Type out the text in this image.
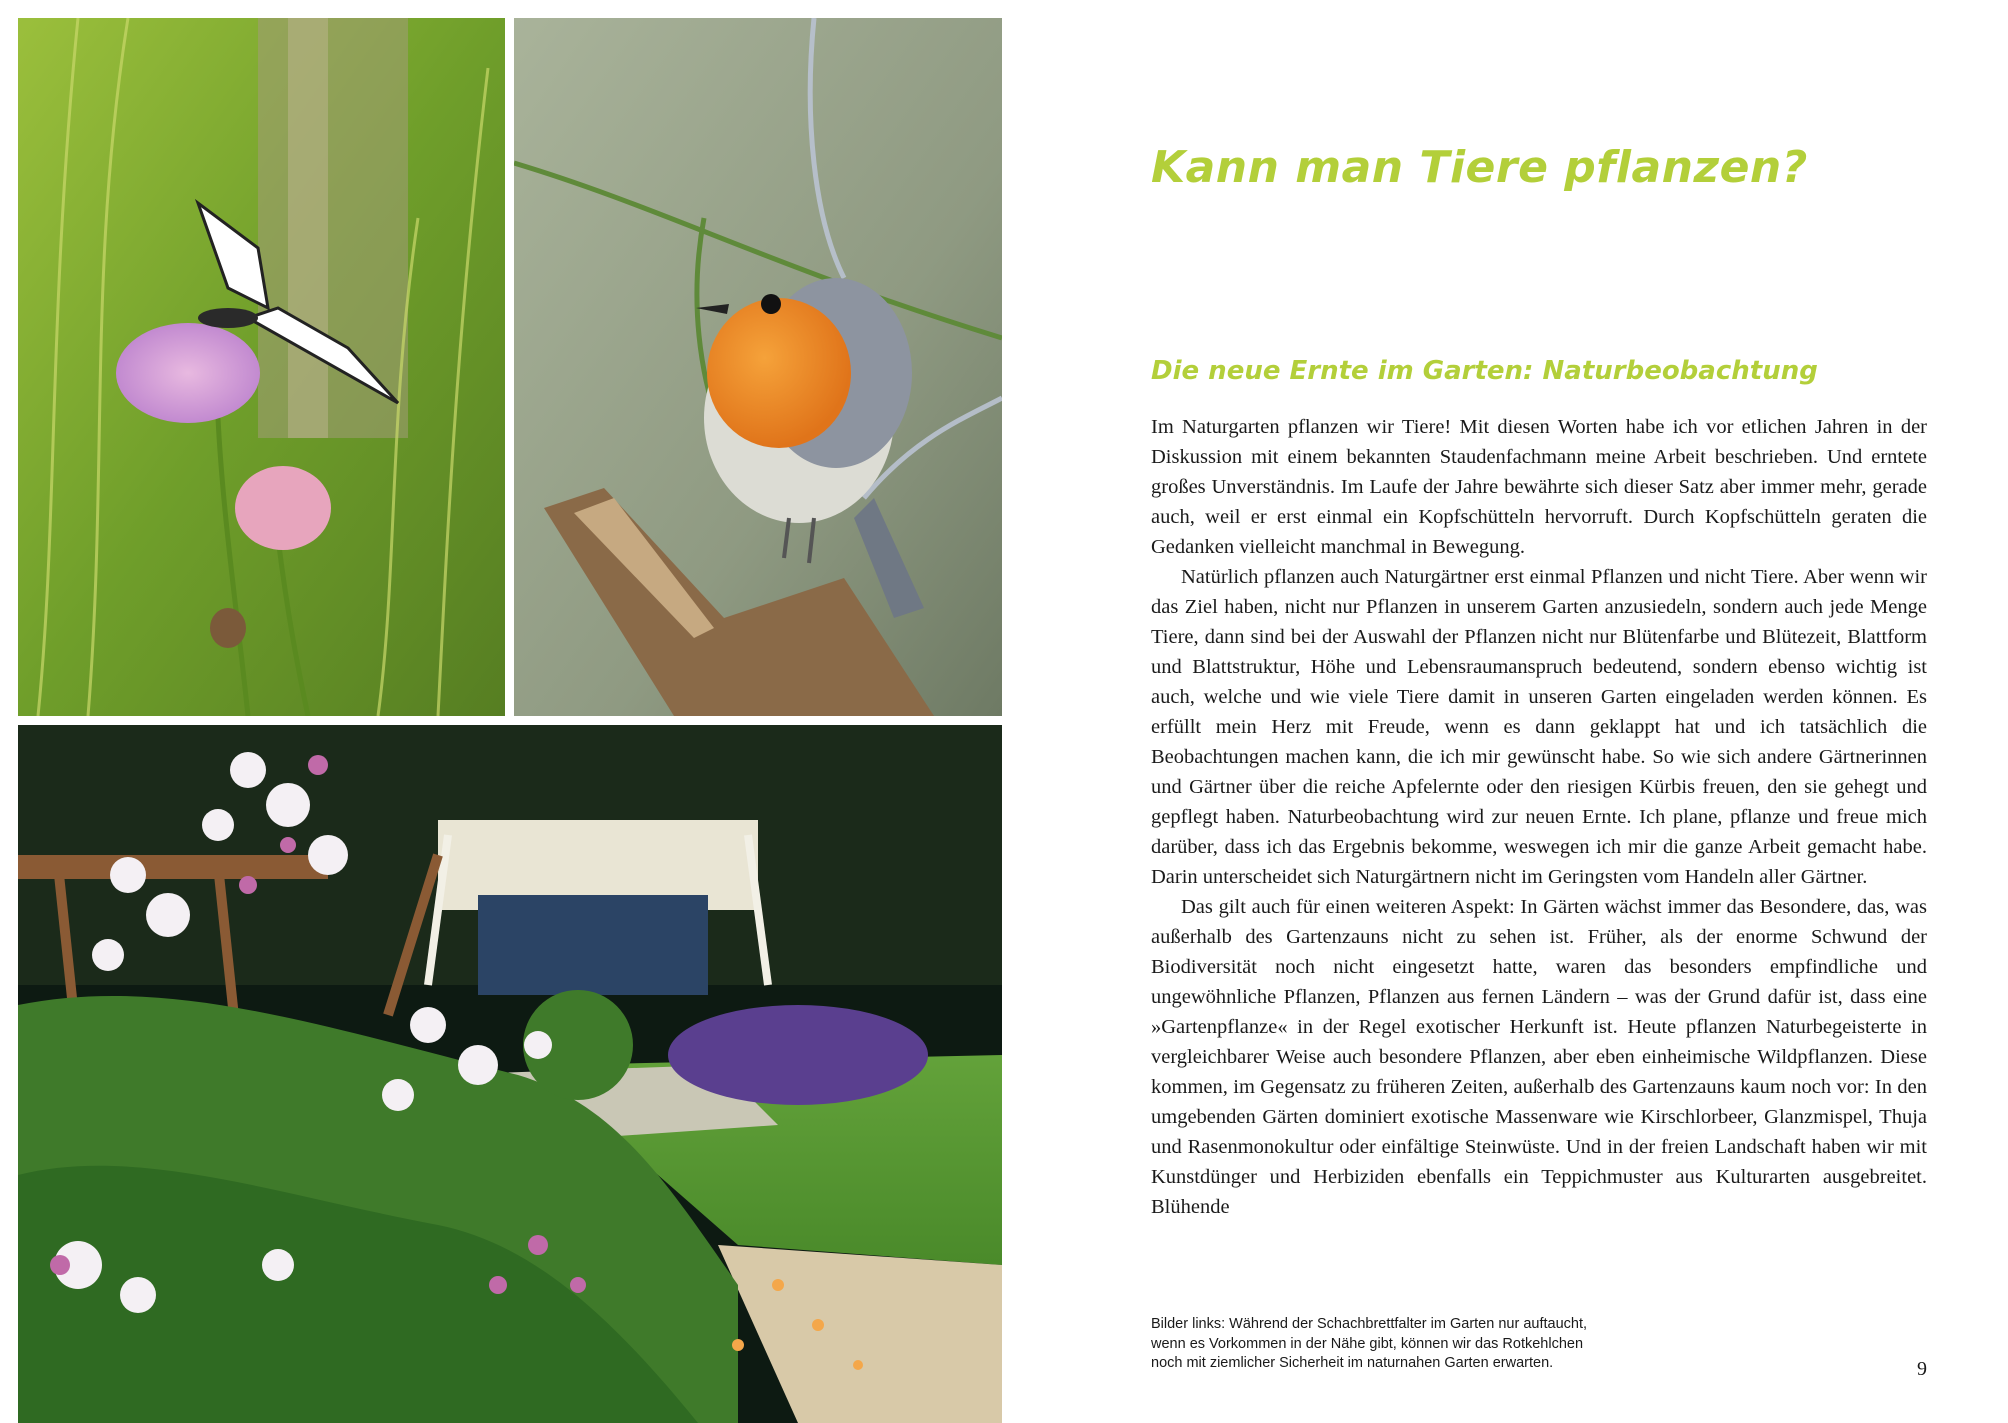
Kann man Tiere pflanzen?
Die neue Ernte im Garten: Naturbeobachtung

Im Naturgarten pflanzen wir Tiere! Mit diesen Worten habe ich vor etlichen Jahren in der Diskussion mit einem bekannten Staudenfachmann meine Arbeit beschrieben. Und erntete großes Unverständnis. Im Laufe der Jahre bewährte sich dieser Satz aber immer mehr, gerade auch, weil er erst einmal ein Kopfschütteln hervorruft. Durch Kopfschütteln geraten die Gedanken vielleicht manchmal in Bewegung.

Natürlich pflanzen auch Naturgärtner erst einmal Pflanzen und nicht Tiere. Aber wenn wir das Ziel haben, nicht nur Pflanzen in unserem Garten anzusiedeln, sondern auch jede Menge Tiere, dann sind bei der Auswahl der Pflanzen nicht nur Blütenfarbe und Blütezeit, Blattform und Blattstruktur, Höhe und Lebensraumanspruch bedeutend, sondern ebenso wichtig ist auch, welche und wie viele Tiere damit in unseren Garten eingeladen werden können. Es erfüllt mein Herz mit Freude, wenn es dann geklappt hat und ich tatsächlich die Beobachtungen machen kann, die ich mir gewünscht habe. So wie sich andere Gärtnerinnen und Gärtner über die reiche Apfelernte oder den riesigen Kürbis freuen, den sie gehegt und gepflegt haben. Naturbeobachtung wird zur neuen Ernte. Ich plane, pflanze und freue mich darüber, dass ich das Ergebnis bekomme, weswegen ich mir die ganze Arbeit gemacht habe. Darin unterscheidet sich Naturgärtnern nicht im Geringsten vom Handeln aller Gärtner.

Das gilt auch für einen weiteren Aspekt: In Gärten wächst immer das Besondere, das, was außerhalb des Gartenzauns nicht zu sehen ist. Früher, als der enorme Schwund der Biodiversität noch nicht eingesetzt hatte, waren das besonders empfindliche und ungewöhnliche Pflanzen, Pflanzen aus fernen Ländern – was der Grund dafür ist, dass eine »Gartenpflanze« in der Regel exotischer Herkunft ist. Heute pflanzen Naturbegeisterte in vergleichbarer Weise auch besondere Pflanzen, aber eben einheimische Wildpflanzen. Diese kommen, im Gegensatz zu früheren Zeiten, außerhalb des Gartenzauns kaum noch vor: In den umgebenden Gärten dominiert exotische Massenware wie Kirschlorbeer, Glanzmispel, Thuja und Rasenmonokultur oder einfältige Steinwüste. Und in der freien Landschaft haben wir mit Kunstdünger und Herbiziden ebenfalls ein Teppichmuster aus Kulturarten ausgebreitet. Blühende

Bilder links: Während der Schachbrettfalter im Garten nur auftaucht,
wenn es Vorkommen in der Nähe gibt, können wir das Rotkehlchen
noch mit ziemlicher Sicherheit im naturnahen Garten erwarten.	9
